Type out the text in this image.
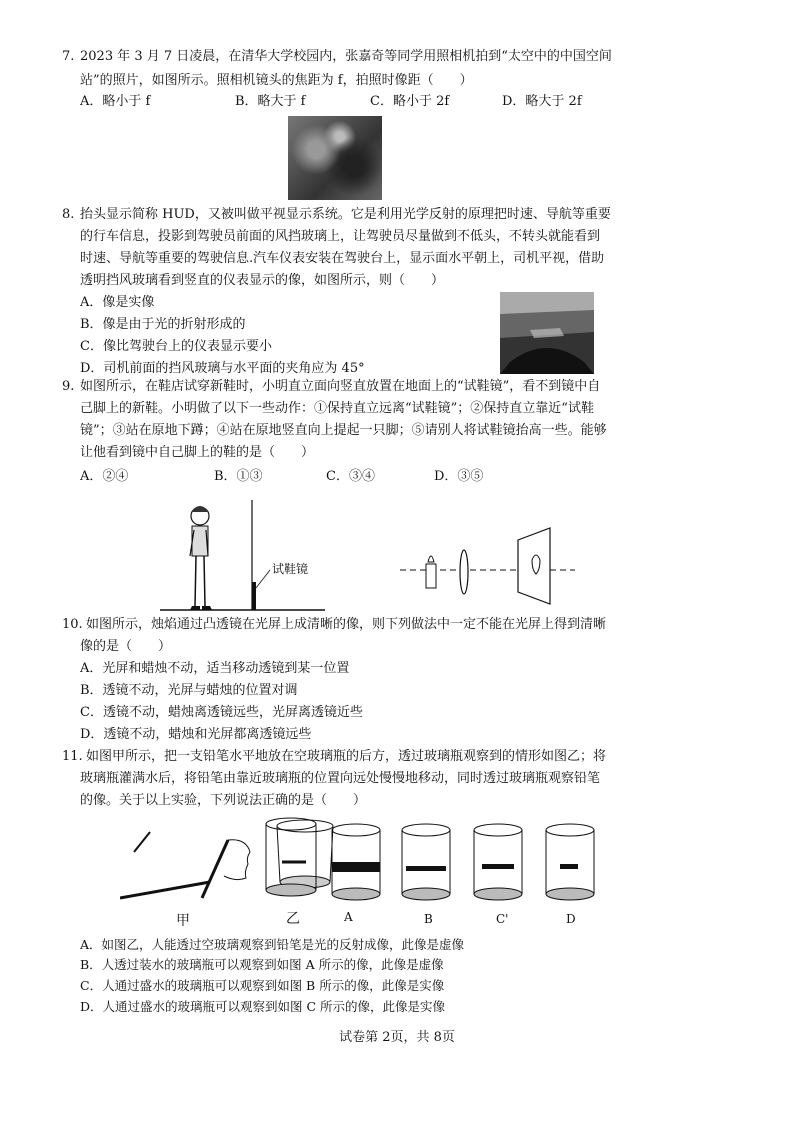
7. 2023 年 3 月 7 日凌晨，在清华大学校园内，张嘉奇等同学用照相机拍到“太空中的中国空间
站”的照片，如图所示。照相机镜头的焦距为 f，拍照时像距（　　）
A．略小于 f	B．略大于 f	C．略小于 2f	D．略大于 2f
8. 抬头显示简称 HUD，又被叫做平视显示系统。它是利用光学反射的原理把时速、导航等重要
的行车信息，投影到驾驶员前面的风挡玻璃上，让驾驶员尽量做到不低头，不转头就能看到
时速、导航等重要的驾驶信息.汽车仪表安装在驾驶台上，显示面水平朝上，司机平视，借助
透明挡风玻璃看到竖直的仪表显示的像，如图所示，则（　　）
A．像是实像
B．像是由于光的折射形成的
C．像比驾驶台上的仪表显示要小
D．司机前面的挡风玻璃与水平面的夹角应为 45°
9. 如图所示，在鞋店试穿新鞋时，小明直立面向竖直放置在地面上的“试鞋镜”，看不到镜中自
己脚上的新鞋。小明做了以下一些动作：①保持直立远离“试鞋镜”；②保持直立靠近“试鞋
镜”；③站在原地下蹲；④站在原地竖直向上提起一只脚；⑤请别人将试鞋镜抬高一些。能够
让他看到镜中自己脚上的鞋的是（　　）
A．②④	B．①③	C．③④	D．③⑤
试鞋镜
10. 如图所示，烛焰通过凸透镜在光屏上成清晰的像，则下列做法中一定不能在光屏上得到清晰
像的是（　　）
A．光屏和蜡烛不动，适当移动透镜到某一位置
B．透镜不动，光屏与蜡烛的位置对调
C．透镜不动，蜡烛离透镜远些，光屏离透镜近些
D．透镜不动，蜡烛和光屏都离透镜远些
11. 如图甲所示，把一支铅笔水平地放在空玻璃瓶的后方，透过玻璃瓶观察到的情形如图乙；将
玻璃瓶灌满水后，将铅笔由靠近玻璃瓶的位置向远处慢慢地移动，同时透过玻璃瓶观察铅笔
的像。关于以上实验，下列说法正确的是（　　）
甲	乙	A	B	C'	D
A．如图乙，人能透过空玻璃观察到铅笔是光的反射成像，此像是虚像
B．人透过装水的玻璃瓶可以观察到如图 A 所示的像，此像是虚像
C．人通过盛水的玻璃瓶可以观察到如图 B 所示的像，此像是实像
D．人通过盛水的玻璃瓶可以观察到如图 C 所示的像，此像是实像
试卷第 2页，共 8页
